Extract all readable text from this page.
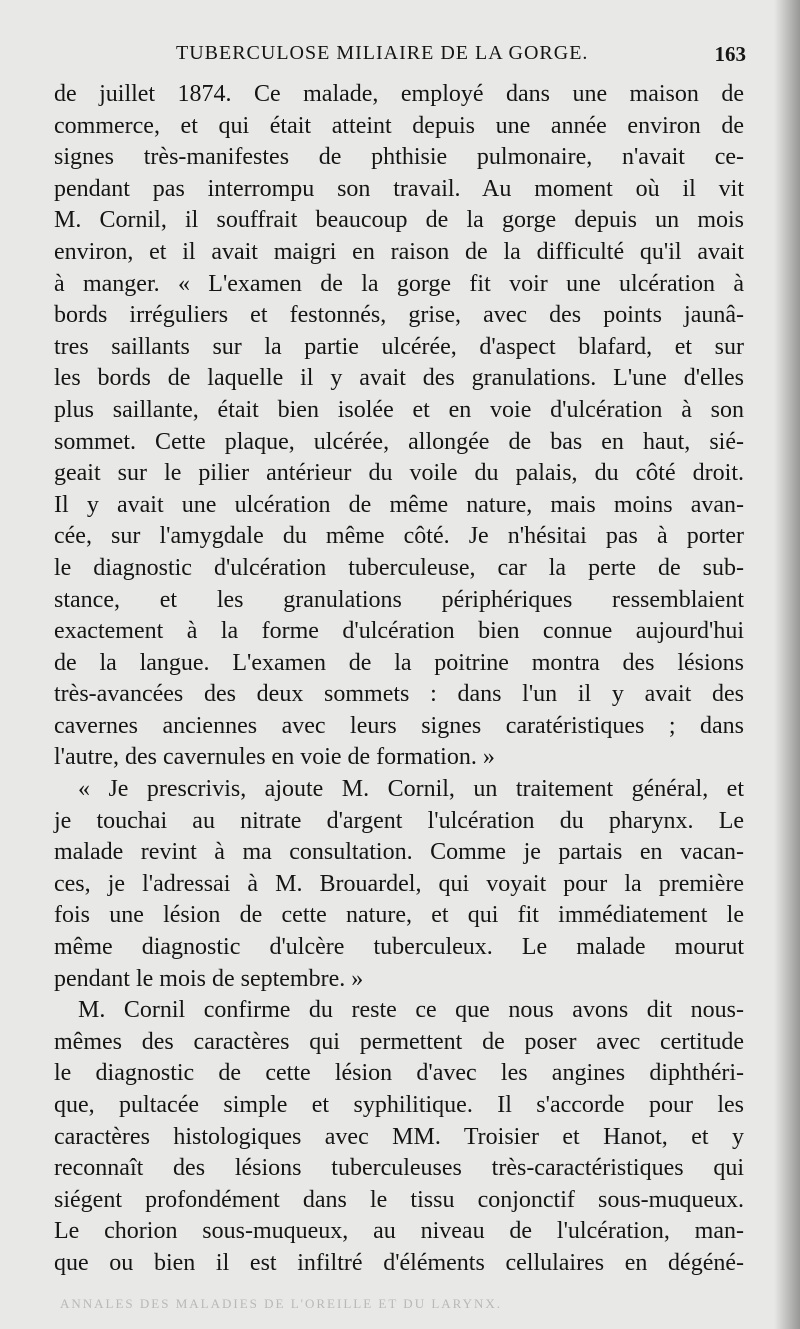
TUBERCULOSE MILIAIRE DE LA GORGE.	163
de juillet 1874. Ce malade, employé dans une maison de
commerce, et qui était atteint depuis une année environ de
signes très-manifestes de phthisie pulmonaire, n'avait ce-
pendant pas interrompu son travail. Au moment où il vit
M. Cornil, il souffrait beaucoup de la gorge depuis un mois
environ, et il avait maigri en raison de la difficulté qu'il avait
à manger. « L'examen de la gorge fit voir une ulcération à
bords irréguliers et festonnés, grise, avec des points jaunâ-
tres saillants sur la partie ulcérée, d'aspect blafard, et sur
les bords de laquelle il y avait des granulations. L'une d'elles
plus saillante, était bien isolée et en voie d'ulcération à son
sommet. Cette plaque, ulcérée, allongée de bas en haut, sié-
geait sur le pilier antérieur du voile du palais, du côté droit.
Il y avait une ulcération de même nature, mais moins avan-
cée, sur l'amygdale du même côté. Je n'hésitai pas à porter
le diagnostic d'ulcération tuberculeuse, car la perte de sub-
stance, et les granulations périphériques ressemblaient
exactement à la forme d'ulcération bien connue aujourd'hui
de la langue. L'examen de la poitrine montra des lésions
très-avancées des deux sommets : dans l'un il y avait des
cavernes anciennes avec leurs signes caratéristiques ; dans
l'autre, des cavernules en voie de formation. »
« Je prescrivis, ajoute M. Cornil, un traitement général, et
je touchai au nitrate d'argent l'ulcération du pharynx. Le
malade revint à ma consultation. Comme je partais en vacan-
ces, je l'adressai à M. Brouardel, qui voyait pour la première
fois une lésion de cette nature, et qui fit immédiatement le
même diagnostic d'ulcère tuberculeux. Le malade mourut
pendant le mois de septembre. »
M. Cornil confirme du reste ce que nous avons dit nous-
mêmes des caractères qui permettent de poser avec certitude
le diagnostic de cette lésion d'avec les angines diphthéri-
que, pultacée simple et syphilitique. Il s'accorde pour les
caractères histologiques avec MM. Troisier et Hanot, et y
reconnaît des lésions tuberculeuses très-caractéristiques qui
siégent profondément dans le tissu conjonctif sous-muqueux.
Le chorion sous-muqueux, au niveau de l'ulcération, man-
que ou bien il est infiltré d'éléments cellulaires en dégéné-
ANNALES DES MALADIES DE L'OREILLE ET DU LARYNX.
